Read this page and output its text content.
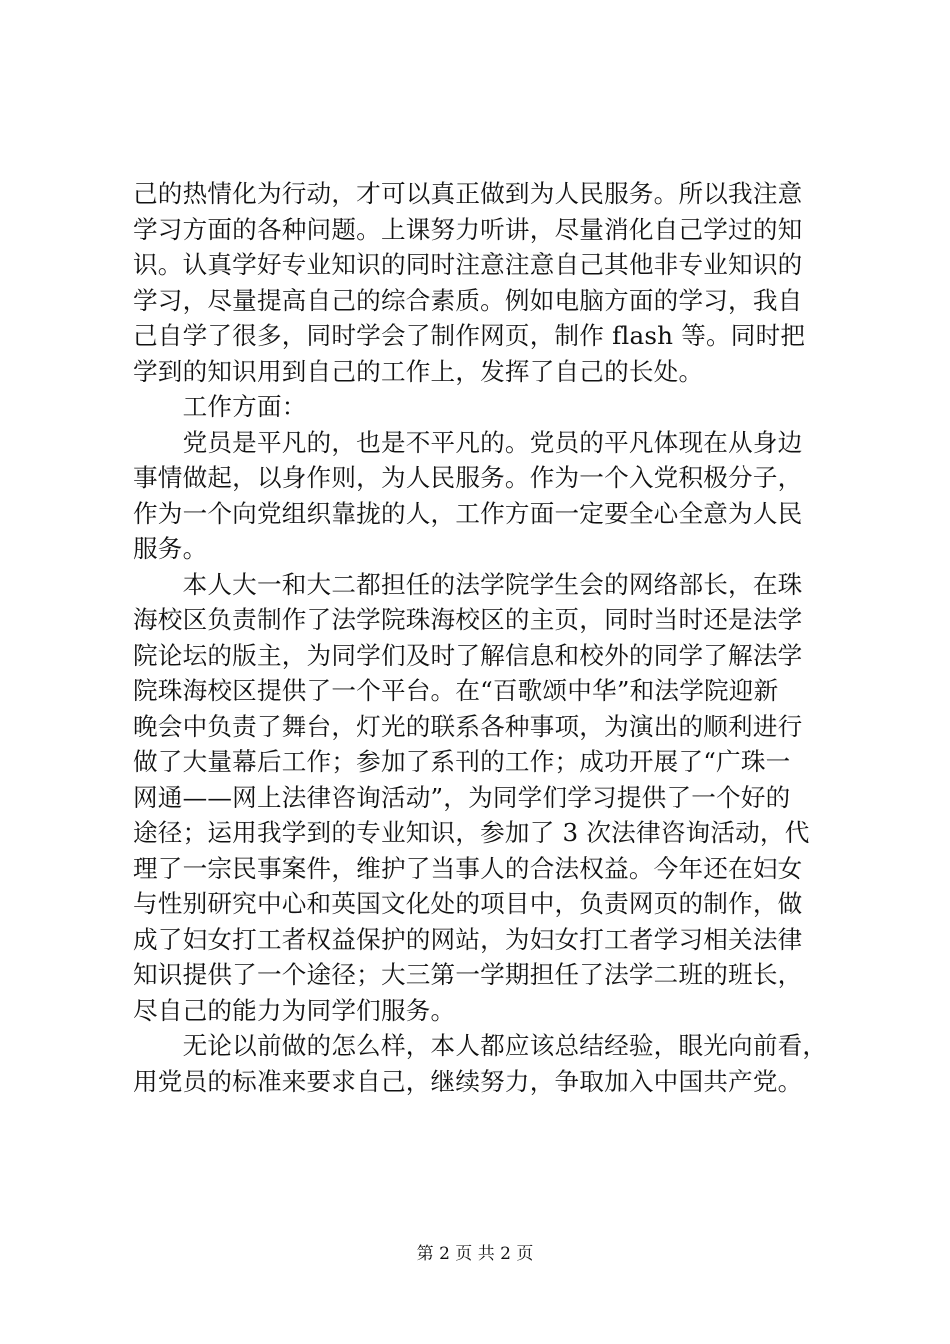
己的热情化为行动，才可以真正做到为人民服务。所以我注意
学习方面的各种问题。上课努力听讲，尽量消化自己学过的知
识。认真学好专业知识的同时注意注意自己其他非专业知识的
学习，尽量提高自己的综合素质。例如电脑方面的学习，我自
己自学了很多，同时学会了制作网页，制作 flash 等。同时把
学到的知识用到自己的工作上，发挥了自己的长处。
　　工作方面：
　　党员是平凡的，也是不平凡的。党员的平凡体现在从身边
事情做起，以身作则，为人民服务。作为一个入党积极分子，
作为一个向党组织靠拢的人，工作方面一定要全心全意为人民
服务。
　　本人大一和大二都担任的法学院学生会的网络部长，在珠
海校区负责制作了法学院珠海校区的主页，同时当时还是法学
院论坛的版主，为同学们及时了解信息和校外的同学了解法学
院珠海校区提供了一个平台。在“百歌颂中华”和法学院迎新
晚会中负责了舞台，灯光的联系各种事项，为演出的顺利进行
做了大量幕后工作；参加了系刊的工作；成功开展了“广珠一
网通——网上法律咨询活动”，为同学们学习提供了一个好的
途径；运用我学到的专业知识，参加了 3 次法律咨询活动，代
理了一宗民事案件，维护了当事人的合法权益。今年还在妇女
与性别研究中心和英国文化处的项目中，负责网页的制作，做
成了妇女打工者权益保护的网站，为妇女打工者学习相关法律
知识提供了一个途径；大三第一学期担任了法学二班的班长，
尽自己的能力为同学们服务。
　　无论以前做的怎么样，本人都应该总结经验，眼光向前看，
用党员的标准来要求自己，继续努力，争取加入中国共产党。
第 2 页 共 2 页
